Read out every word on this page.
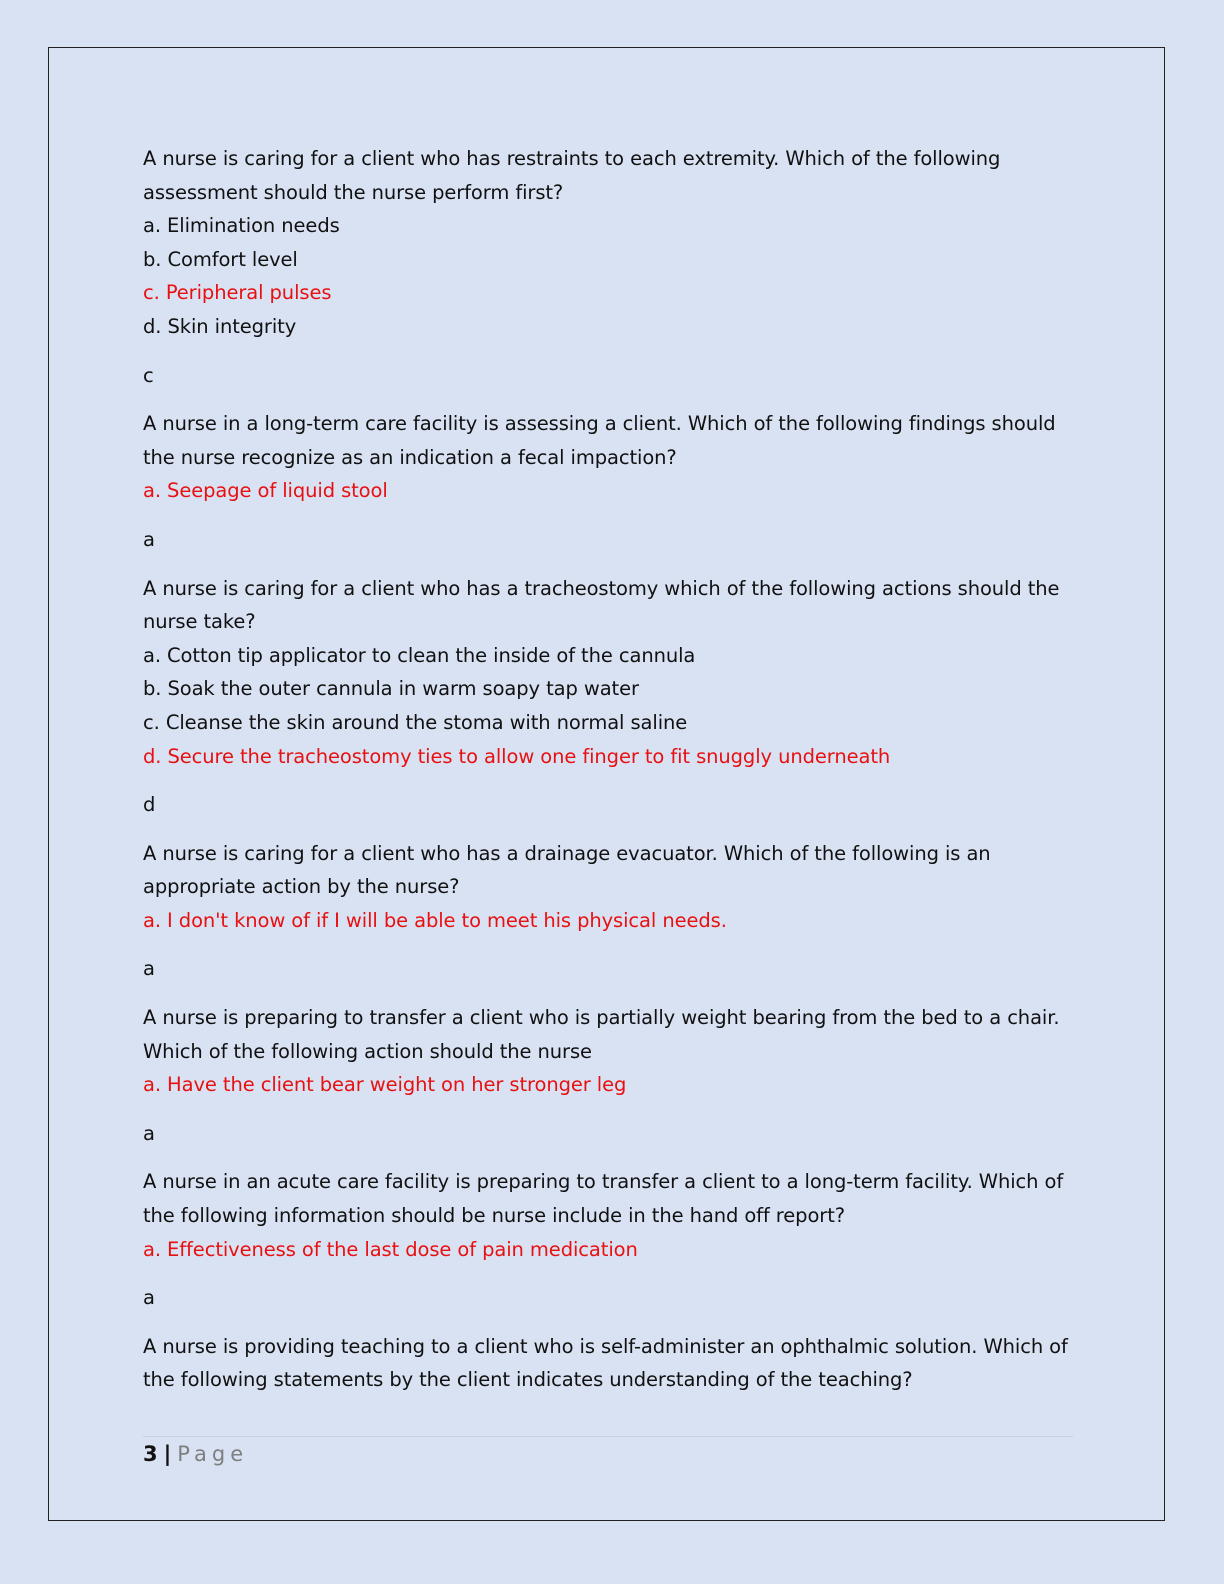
A nurse is caring for a client who has restraints to each extremity. Which of the following
assessment should the nurse perform first?
a. Elimination needs
b. Comfort level
c. Peripheral pulses
d. Skin integrity
c
A nurse in a long-term care facility is assessing a client. Which of the following findings should
the nurse recognize as an indication a fecal impaction?
a. Seepage of liquid stool
a
A nurse is caring for a client who has a tracheostomy which of the following actions should the
nurse take?
a. Cotton tip applicator to clean the inside of the cannula
b. Soak the outer cannula in warm soapy tap water
c. Cleanse the skin around the stoma with normal saline
d. Secure the tracheostomy ties to allow one finger to fit snuggly underneath
d
A nurse is caring for a client who has a drainage evacuator. Which of the following is an
appropriate action by the nurse?
a. I don't know of if I will be able to meet his physical needs.
a
A nurse is preparing to transfer a client who is partially weight bearing from the bed to a chair.
Which of the following action should the nurse
a. Have the client bear weight on her stronger leg
a
A nurse in an acute care facility is preparing to transfer a client to a long-term facility. Which of
the following information should be nurse include in the hand off report?
a. Effectiveness of the last dose of pain medication
a
A nurse is providing teaching to a client who is self-administer an ophthalmic solution. Which of
the following statements by the client indicates understanding of the teaching?
3 | Page
